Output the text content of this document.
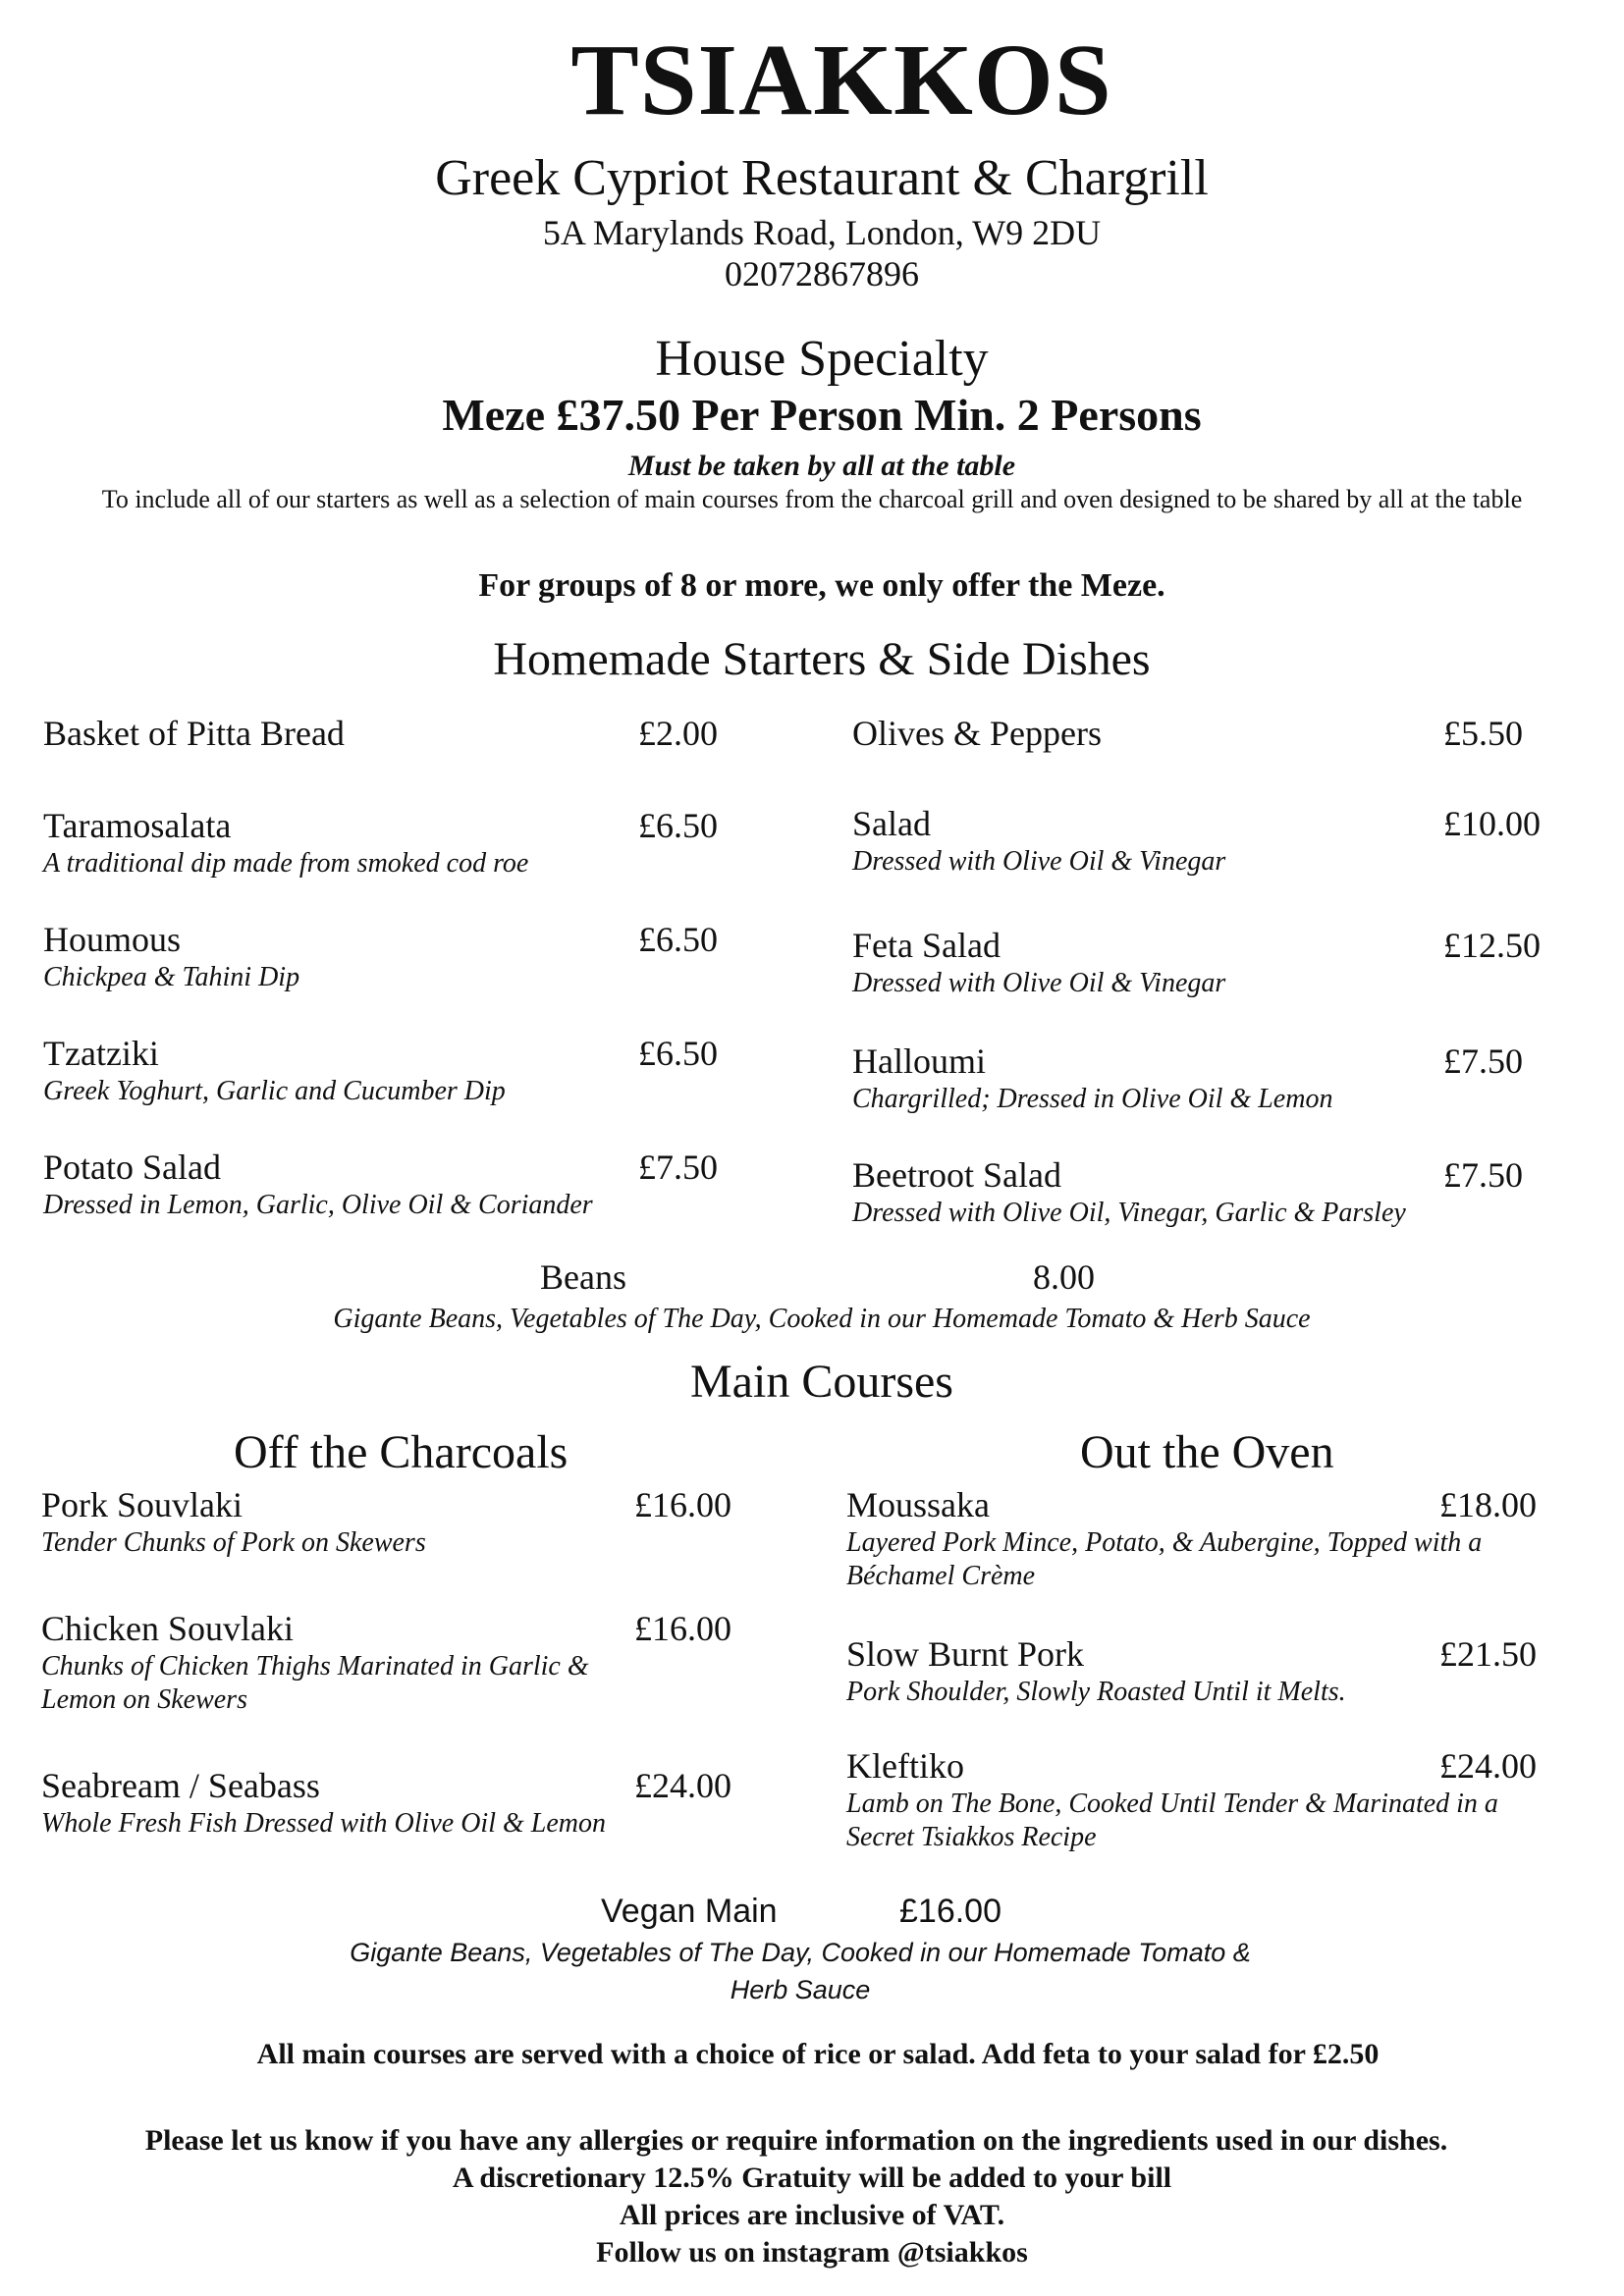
TSIAKKOS
Greek Cypriot Restaurant & Chargrill
5A Marylands Road, London, W9 2DU
02072867896
House Specialty
Meze £37.50 Per Person Min. 2 Persons
Must be taken by all at the table
To include all of our starters as well as a selection of main courses from the charcoal grill and oven designed to be shared by all at the table
For groups of 8 or more, we only offer the Meze.
Homemade Starters & Side Dishes
Basket of Pitta Bread	£2.00
Taramosalata	£6.50
A traditional dip made from smoked cod roe
Houmous	£6.50
Chickpea & Tahini Dip
Tzatziki	£6.50
Greek Yoghurt, Garlic and Cucumber Dip
Potato Salad	£7.50
Dressed in Lemon, Garlic, Olive Oil & Coriander
Olives & Peppers	£5.50
Salad	£10.00
Dressed with Olive Oil & Vinegar
Feta Salad	£12.50
Dressed with Olive Oil & Vinegar
Halloumi	£7.50
Chargrilled; Dressed in Olive Oil & Lemon
Beetroot Salad	£7.50
Dressed with Olive Oil, Vinegar, Garlic & Parsley
Beans	8.00
Gigante Beans, Vegetables of The Day, Cooked in our Homemade Tomato & Herb Sauce
Main Courses
Off the Charcoals	Out the Oven
Pork Souvlaki	£16.00
Tender Chunks of Pork on Skewers
Chicken Souvlaki	£16.00
Chunks of Chicken Thighs Marinated in Garlic &
Lemon on Skewers
Seabream / Seabass	£24.00
Whole Fresh Fish Dressed with Olive Oil & Lemon
Moussaka	£18.00
Layered Pork Mince, Potato, & Aubergine, Topped with a
Béchamel Crème
Slow Burnt Pork	£21.50
Pork Shoulder, Slowly Roasted Until it Melts.
Kleftiko	£24.00
Lamb on The Bone, Cooked Until Tender & Marinated in a
Secret Tsiakkos Recipe
Vegan Main	£16.00
Gigante Beans, Vegetables of The Day, Cooked in our Homemade Tomato &
Herb Sauce
All main courses are served with a choice of rice or salad. Add feta to your salad for £2.50
Please let us know if you have any allergies or require information on the ingredients used in our dishes.
A discretionary 12.5% Gratuity will be added to your bill
All prices are inclusive of VAT.
Follow us on instagram @tsiakkos
